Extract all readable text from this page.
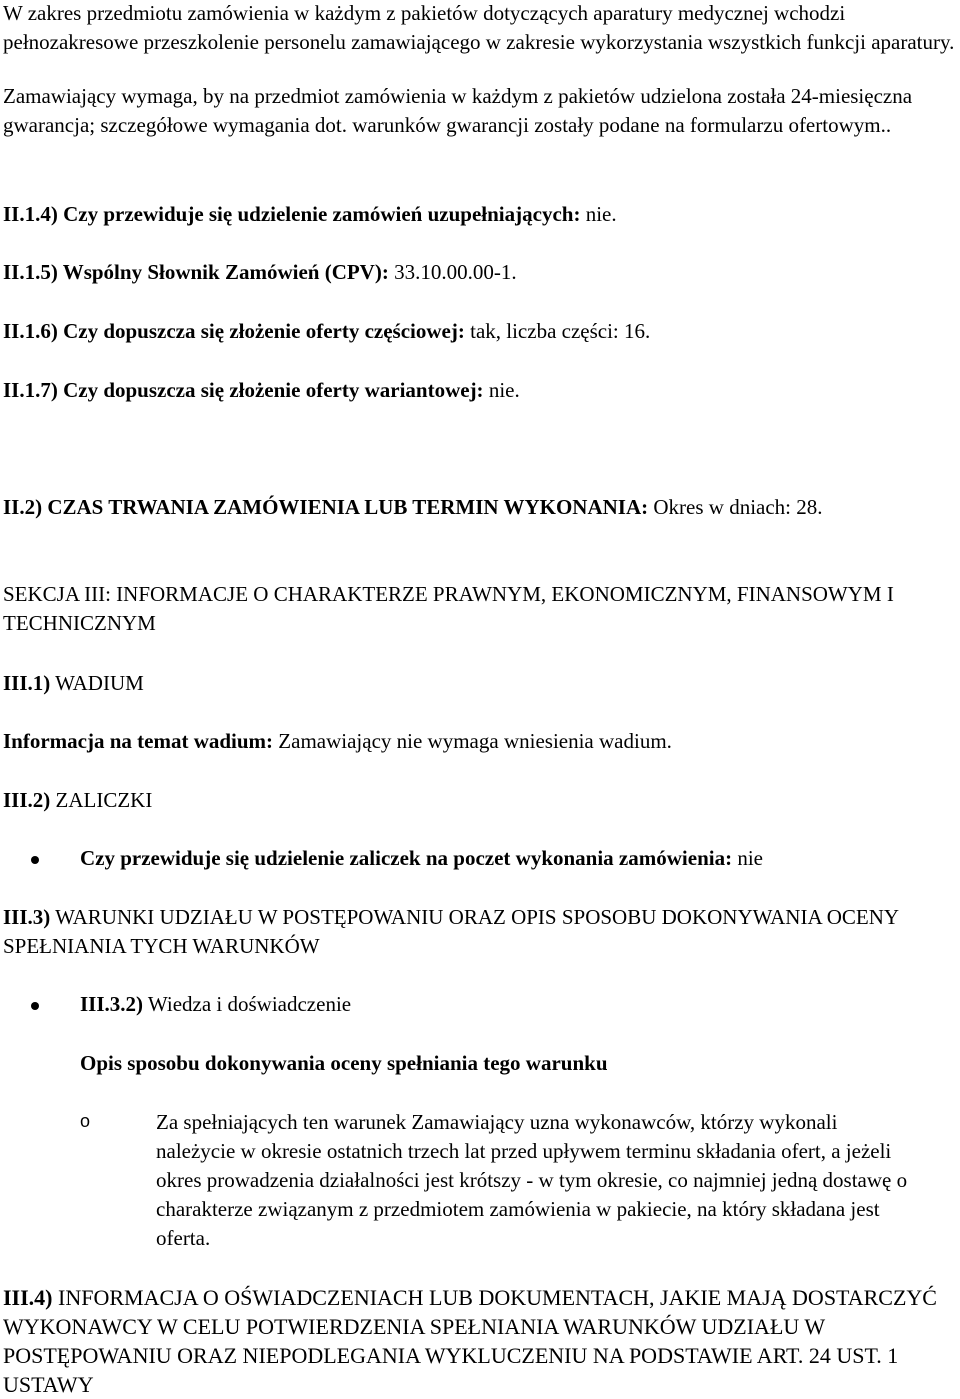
W zakres przedmiotu zamówienia w każdym z pakietów dotyczących aparatury medycznej wchodzi pełnozakresowe przeszkolenie personelu zamawiającego w zakresie wykorzystania wszystkich funkcji aparatury.

Zamawiający wymaga, by na przedmiot zamówienia w każdym z pakietów udzielona została 24-miesięczna gwarancja; szczegółowe wymagania dot. warunków gwarancji zostały podane na formularzu ofertowym..

II.1.4) Czy przewiduje się udzielenie zamówień uzupełniających: nie.

II.1.5) Wspólny Słownik Zamówień (CPV): 33.10.00.00-1.

II.1.6) Czy dopuszcza się złożenie oferty częściowej: tak, liczba części: 16.

II.1.7) Czy dopuszcza się złożenie oferty wariantowej: nie.

II.2) CZAS TRWANIA ZAMÓWIENIA LUB TERMIN WYKONANIA: Okres w dniach: 28.

SEKCJA III: INFORMACJE O CHARAKTERZE PRAWNYM, EKONOMICZNYM, FINANSOWYM I TECHNICZNYM

III.1) WADIUM

Informacja na temat wadium: Zamawiający nie wymaga wniesienia wadium.

III.2) ZALICZKI

Czy przewiduje się udzielenie zaliczek na poczet wykonania zamówienia: nie

III.3) WARUNKI UDZIAŁU W POSTĘPOWANIU ORAZ OPIS SPOSOBU DOKONYWANIA OCENY SPEŁNIANIA TYCH WARUNKÓW

III.3.2) Wiedza i doświadczenie

Opis sposobu dokonywania oceny spełniania tego warunku

o	Za spełniających ten warunek Zamawiający uzna wykonawców, którzy wykonali należycie w okresie ostatnich trzech lat przed upływem terminu składania ofert, a jeżeli okres prowadzenia działalności jest krótszy - w tym okresie, co najmniej jedną dostawę o charakterze związanym z przedmiotem zamówienia w pakiecie, na który składana jest oferta.

III.4) INFORMACJA O OŚWIADCZENIACH LUB DOKUMENTACH, JAKIE MAJĄ DOSTARCZYĆ WYKONAWCY W CELU POTWIERDZENIA SPEŁNIANIA WARUNKÓW UDZIAŁU W POSTĘPOWANIU ORAZ NIEPODLEGANIA WYKLUCZENIU NA PODSTAWIE ART. 24 UST. 1 USTAWY
